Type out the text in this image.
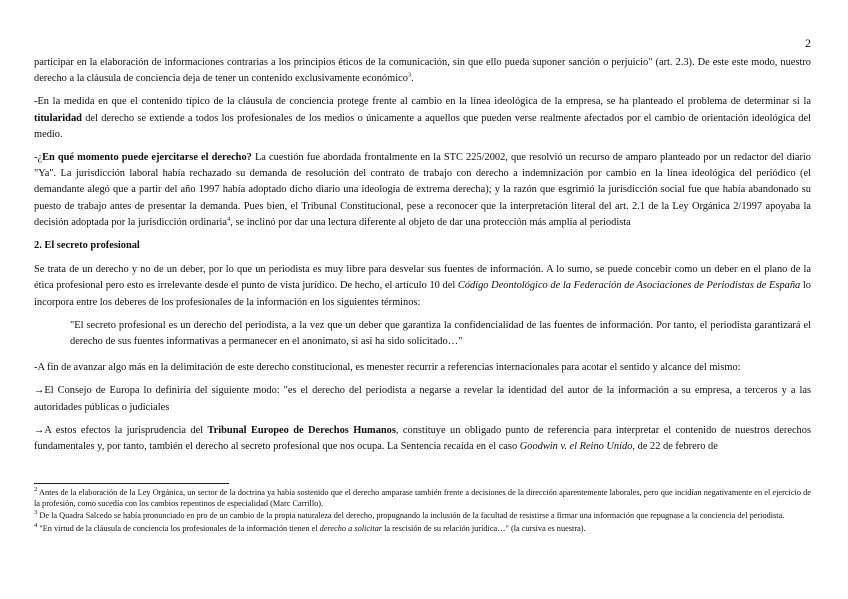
2

participar en la elaboración de informaciones contrarias a los principios éticos de la comunicación, sin que ello pueda suponer sanción o perjuicio" (art. 2.3). De este este modo, nuestro derecho a la cláusula de conciencia deja de tener un contenido exclusivamente económico$^3$.

-En la medida en que el contenido típico de la cláusula de conciencia protege frente al cambio en la línea ideológica de la empresa, se ha planteado el problema de determinar si la titularidad del derecho se extiende a todos los profesionales de los medios o únicamente a aquellos que pueden verse realmente afectados por el cambio de orientación ideológica del medio.

-¿En qué momento puede ejercitarse el derecho? La cuestión fue abordada frontalmente en la STC 225/2002, que resolvió un recurso de amparo planteado por un redactor del diario "Ya". La jurisdicción laboral había rechazado su demanda de resolución del contrato de trabajo con derecho a indemnización por cambio en la línea ideológica del periódico (el demandante alegó que a partir del año 1997 había adoptado dicho diario una ideología de extrema derecha); y la razón que esgrimió la jurisdicción social fue que había abandonado su puesto de trabajo antes de presentar la demanda. Pues bien, el Tribunal Constitucional, pese a reconocer que la interpretación literal del art. 2.1 de la Ley Orgánica 2/1997 apoyaba la decisión adoptada por la jurisdicción ordinaria$^4$, se inclinó por dar una lectura diferente al objeto de dar una protección más amplia al periodista

2. El secreto profesional

Se trata de un derecho y no de un deber, por lo que un periodista es muy libre para desvelar sus fuentes de información. A lo sumo, se puede concebir como un deber en el plano de la ética profesional pero esto es irrelevante desde el punto de vista jurídico. De hecho, el artículo 10 del Código Deontológico de la Federación de Asociaciones de Periodistas de España lo incorpora entre los deberes de los profesionales de la información en los siguientes términos:

"El secreto profesional es un derecho del periodista, a la vez que un deber que garantiza la confidencialidad de las fuentes de información. Por tanto, el periodista garantizará el derecho de sus fuentes informativas a permanecer en el anonimato, si así ha sido solicitado…"

-A fin de avanzar algo más en la delimitación de este derecho constitucional, es menester recurrir a referencias internacionales para acotar el sentido y alcance del mismo:

→El Consejo de Europa lo definiría del siguiente modo: "es el derecho del periodista a negarse a revelar la identidad del autor de la información a su empresa, a terceros y a las autoridades públicas o judiciales

→A estos efectos la jurisprudencia del Tribunal Europeo de Derechos Humanos, constituye un obligado punto de referencia para interpretar el contenido de nuestros derechos fundamentales y, por tanto, también el derecho al secreto profesional que nos ocupa. La Sentencia recaída en el caso Goodwin v. el Reino Unido, de 22 de febrero de

$^2$ Antes de la elaboración de la Ley Orgánica, un sector de la doctrina ya había sostenido que el derecho amparase también frente a decisiones de la dirección aparentemente laborales, pero que incidían negativamente en el ejercicio de la profesión, como sucedía con los cambios repentinos de especialidad (Marc Carrillo).
$^3$ De la Quadra Salcedo se había pronunciado en pro de un cambio de la propia naturaleza del derecho, propugnando la inclusión de la facultad de resistirse a firmar una información que repugnase a la conciencia del periodista.
$^4$ "En virtud de la cláusula de conciencia los profesionales de la información tienen el derecho a solicitar la rescisión de su relación jurídica…" (la cursiva es nuestra).
